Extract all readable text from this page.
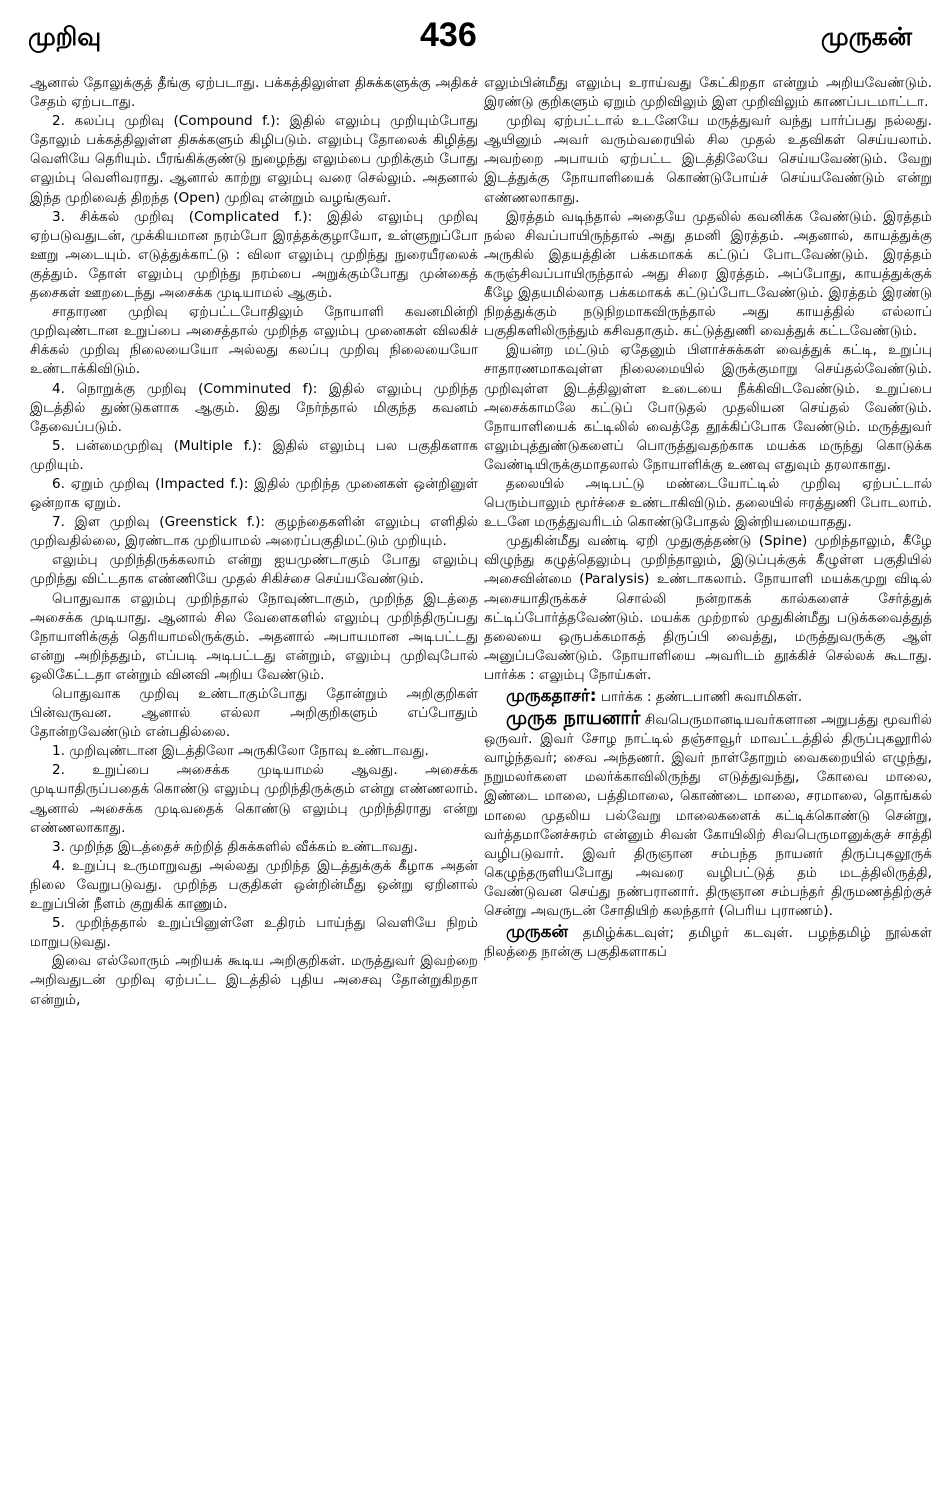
முறிவு	436	முருகன்

ஆனால் தோலுக்குத் தீங்கு ஏற்படாது. பக்கத்திலுள்ள திசுக்களுக்கு அதிகச் சேதம் ஏற்படாது.

2. கலப்பு முறிவு (Compound f.): இதில் எலும்பு முறியும்போது தோலும் பக்கத்திலுள்ள திசுக்களும் கிழிபடும். எலும்பு தோலைக் கிழித்து வெளியே தெரியும். பீரங்கிக்குண்டு நுழைந்து எலும்பை முறிக்கும் போது எலும்பு வெளிவராது. ஆனால் காற்று எலும்பு வரை செல்லும். அதனால் இந்த முறிவைத் திறந்த (Open) முறிவு என்றும் வழங்குவர்.

3. சிக்கல் முறிவு (Complicated f.): இதில் எலும்பு முறிவு ஏற்படுவதுடன், முக்கியமான நரம்போ இரத்தக்குழாயோ, உள்ளுறுப்போ ஊறு அடையும். எடுத்துக்காட்டு : விலா எலும்பு முறிந்து நுரையீரலைக் குத்தும். தோள் எலும்பு முறிந்து நரம்பை அறுக்கும்போது முன்கைத் தசைகள் ஊறடைந்து அசைக்க முடியாமல் ஆகும்.

சாதாரண முறிவு ஏற்பட்டபோதிலும் நோயாளி கவனமின்றி முறிவுண்டான உறுப்பை அசைத்தால் முறிந்த எலும்பு முனைகள் விலகிச் சிக்கல் முறிவு நிலையையோ அல்லது கலப்பு முறிவு நிலையையோ உண்டாக்கிவிடும்.

4. நொறுக்கு முறிவு (Comminuted f): இதில் எலும்பு முறிந்த இடத்தில் துண்டுகளாக ஆகும். இது நேர்ந்தால் மிகுந்த கவனம் தேவைப்படும்.

5. பன்மைமுறிவு (Multiple f.): இதில் எலும்பு பல பகுதிகளாக முறியும்.

6. ஏறும் முறிவு (Impacted f.): இதில் முறிந்த முனைகள் ஒன்றினுள் ஒன்றாக ஏறும்.

7. இள முறிவு (Greenstick f.): குழந்தைகளின் எலும்பு எளிதில் முறிவதில்லை, இரண்டாக முறியாமல் அரைப்பகுதிமட்டும் முறியும்.

எலும்பு முறிந்திருக்கலாம் என்று ஐயமுண்டாகும் போது எலும்பு முறிந்து விட்டதாக எண்ணியே முதல் சிகிச்சை செய்யவேண்டும்.

பொதுவாக எலும்பு முறிந்தால் நோவுண்டாகும், முறிந்த இடத்தை அசைக்க முடியாது. ஆனால் சில வேளைகளில் எலும்பு முறிந்திருப்பது நோயாளிக்குத் தெரியாமலிருக்கும். அதனால் அபாயமான அடிபட்டது என்று அறிந்ததும், எப்படி அடிபட்டது என்றும், எலும்பு முறிவுபோல் ஒலிகேட்டதா என்றும் வினவி அறிய வேண்டும்.

பொதுவாக முறிவு உண்டாகும்போது தோன்றும் அறிகுறிகள் பின்வருவன. ஆனால் எல்லா அறிகுறிகளும் எப்போதும் தோன்றவேண்டும் என்பதில்லை.

1. முறிவுண்டான இடத்திலோ அருகிலோ நோவு உண்டாவது.

2. உறுப்பை அசைக்க முடியாமல் ஆவது. அசைக்க முடியாதிருப்பதைக் கொண்டு எலும்பு முறிந்திருக்கும் என்று எண்ணலாம். ஆனால் அசைக்க முடிவதைக் கொண்டு எலும்பு முறிந்திராது என்று எண்ணலாகாது.

3. முறிந்த இடத்தைச் சுற்றித் திசுக்களில் வீக்கம் உண்டாவது.

4. உறுப்பு உருமாறுவது அல்லது முறிந்த இடத்துக்குக் கீழாக அதன் நிலை வேறுபடுவது. முறிந்த பகுதிகள் ஒன்றின்மீது ஒன்று ஏறினால் உறுப்பின் நீளம் குறுகிக் காணும்.

5. முறிந்ததால் உறுப்பினுள்ளே உதிரம் பாய்ந்து வெளியே நிறம் மாறுபடுவது.

இவை எல்லோரும் அறியக் கூடிய அறிகுறிகள். மருத்துவர் இவற்றை அறிவதுடன் முறிவு ஏற்பட்ட இடத்தில் புதிய அசைவு தோன்றுகிறதா என்றும்,

எலும்பின்மீது எலும்பு உராய்வது கேட்கிறதா என்றும் அறியவேண்டும். இரண்டு குறிகளும் ஏறும் முறிவிலும் இள முறிவிலும் காணப்படமாட்டா.

முறிவு ஏற்பட்டால் உடனேயே மருத்துவர் வந்து பார்ப்பது நல்லது. ஆயினும் அவர் வரும்வரையில் சில முதல் உதவிகள் செய்யலாம். அவற்றை அபாயம் ஏற்பட்ட இடத்திலேயே செய்யவேண்டும். வேறு இடத்துக்கு நோயாளியைக் கொண்டுபோய்ச் செய்யவேண்டும் என்று எண்ணலாகாது.

இரத்தம் வடிந்தால் அதையே முதலில் கவனிக்க வேண்டும். இரத்தம் நல்ல சிவப்பாயிருந்தால் அது தமனி இரத்தம். அதனால், காயத்துக்கு அருகில் இதயத்தின் பக்கமாகக் கட்டுப் போடவேண்டும். இரத்தம் கருஞ்சிவப்பாயிருந்தால் அது சிரை இரத்தம். அப்போது, காயத்துக்குக் கீழே இதயமில்லாத பக்கமாகக் கட்டுப்போடவேண்டும். இரத்தம் இரண்டு நிறத்துக்கும் நடுநிறமாகவிருந்தால் அது காயத்தில் எல்லாப் பகுதிகளிலிருந்தும் கசிவதாகும். கட்டுத்துணி வைத்துக் கட்டவேண்டும்.

இயன்ற மட்டும் ஏதேனும் பிளாச்சுக்கள் வைத்துக் கட்டி, உறுப்பு சாதாரணமாகவுள்ள நிலைமையில் இருக்குமாறு செய்தல்வேண்டும். முறிவுள்ள இடத்திலுள்ள உடையை நீக்கிவிடவேண்டும். உறுப்பை அசைக்காமலே கட்டுப் போடுதல் முதலியன செய்தல் வேண்டும். நோயாளியைக் கட்டிலில் வைத்தே தூக்கிப்போக வேண்டும். மருத்துவர் எலும்புத்துண்டுகளைப் பொருத்துவதற்காக மயக்க மருந்து கொடுக்க வேண்டியிருக்குமாதலால் நோயாளிக்கு உணவு எதுவும் தரலாகாது.

தலையில் அடிபட்டு மண்டையோட்டில் முறிவு ஏற்பட்டால் பெரும்பாலும் மூர்ச்சை உண்டாகிவிடும். தலையில் ஈரத்துணி போடலாம். உடனே மருத்துவரிடம் கொண்டுபோதல் இன்றியமையாதது.

முதுகின்மீது வண்டி ஏறி முதுகுத்தண்டு (Spine) முறிந்தாலும், கீழே விழுந்து கழுத்தெலும்பு முறிந்தாலும், இடுப்புக்குக் கீழுள்ள பகுதியில் அசைவின்மை (Paralysis) உண்டாகலாம். நோயாளி மயக்கமுறு விடில் அசையாதிருக்கச் சொல்லி நன்றாகக் கால்களைச் சேர்த்துக் கட்டிப்போர்த்தவேண்டும். மயக்க முற்றால் முதுகின்மீது படுக்கவைத்துத் தலையை ஒருபக்கமாகத் திருப்பி வைத்து, மருத்துவருக்கு ஆள் அனுப்பவேண்டும். நோயாளியை அவரிடம் தூக்கிச் செல்லக் கூடாது. பார்க்க : எலும்பு நோய்கள்.

முருகதாசர்: பார்க்க : தண்டபாணி சுவாமிகள்.

முருக நாயனார் சிவபெருமானடியவர்களான அறுபத்து மூவரில் ஒருவர். இவர் சோழ நாட்டில் தஞ்சாவூர் மாவட்டத்தில் திருப்புகலூரில் வாழ்ந்தவர்; சைவ அந்தணர். இவர் நாள்தோறும் வைகறையில் எழுந்து, நறுமலர்களை மலர்க்காவிலிருந்து எடுத்துவந்து, கோவை மாலை, இண்டை மாலை, பத்திமாலை, கொண்டை மாலை, சரமாலை, தொங்கல் மாலை முதலிய பல்வேறு மாலைகளைக் கட்டிக்கொண்டு சென்று, வர்த்தமானேச்சுரம் என்னும் சிவன் கோயிலிற் சிவபெருமானுக்குச் சாத்தி வழிபடுவார். இவர் திருஞான சம்பந்த நாயனர் திருப்புகலூருக் கெழுந்தருளியபோது அவரை வழிபட்டுத் தம் மடத்திலிருத்தி, வேண்டுவன செய்து நண்பரானார். திருஞான சம்பந்தர் திருமணத்திற்குச் சென்று அவருடன் சோதியிற் கலந்தார் (பெரிய புராணம்).

முருகன் தமிழ்க்கடவுள்; தமிழர் கடவுள். பழந்தமிழ் நூல்கள் நிலத்தை நான்கு பகுதிகளாகப்
